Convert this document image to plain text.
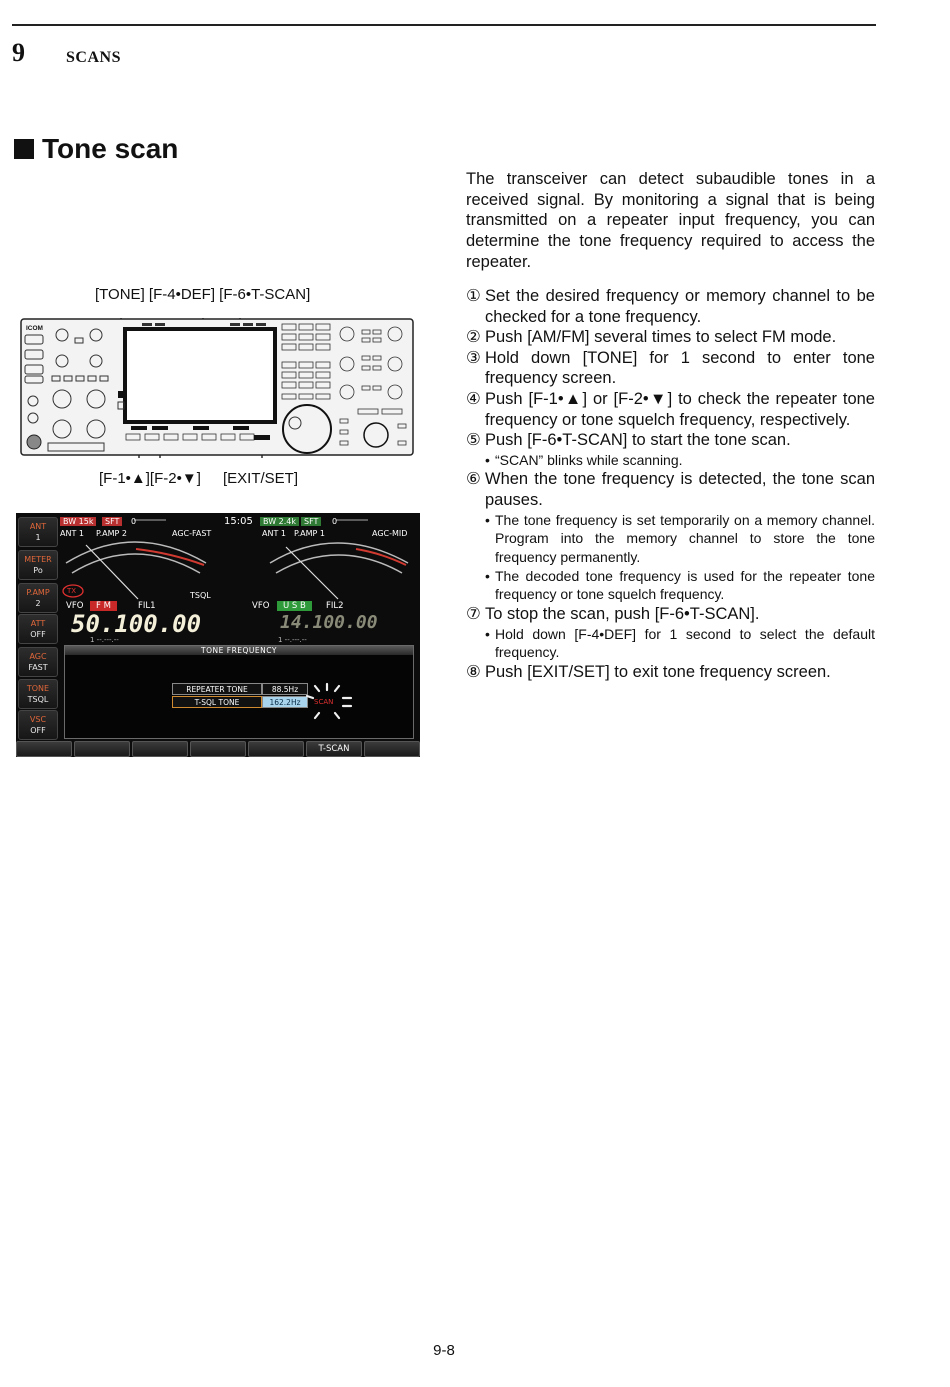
9	SCANS
Tone scan
The transceiver can detect subaudible tones in a received signal. By monitoring a signal that is being transmitted on a repeater input frequency, you can determine the tone frequency required to access the repeater.
[TONE] [F-4•DEF] [F-6•T-SCAN]
[F-1•▲][F-2•▼] [EXIT/SET]
ICOM
ANT
1
METER
Po
P.AMP
2
ATT
OFF
AGC
FAST
TONE
TSQL
VSC
OFF
BW 15k	SFT	0	15:05	BW 2.4k SFT	0
ANT 1 P.AMP 2	AGC-FAST	ANT 1 P.AMP 1	AGC-MID
TX	TSQL
VFO	F M	FIL1	VFO	U S B	FIL2
50.100.00	14.100.00
1 --.---.--	1 --.---.--
TONE FREQUENCY
REPEATER TONE	88.5Hz
T-SQL TONE	162.2Hz	SCAN
T-SCAN
① Set the desired frequency or memory channel to be checked for a tone frequency.
② Push [AM/FM] several times to select FM mode.
③ Hold down [TONE] for 1 second to enter tone frequency screen.
④ Push [F-1•▲] or [F-2•▼] to check the repeater tone frequency or tone squelch frequency, respectively.
⑤ Push [F-6•T-SCAN] to start the tone scan.
• “SCAN” blinks while scanning.
⑥ When the tone frequency is detected, the tone scan pauses.
• The tone frequency is set temporarily on a memory channel. Program into the memory channel to store the tone frequency permanently.
• The decoded tone frequency is used for the repeater tone frequency or tone squelch frequency.
⑦ To stop the scan, push [F-6•T-SCAN].
• Hold down [F-4•DEF] for 1 second to select the default frequency.
⑧ Push [EXIT/SET] to exit tone frequency screen.
9-8
